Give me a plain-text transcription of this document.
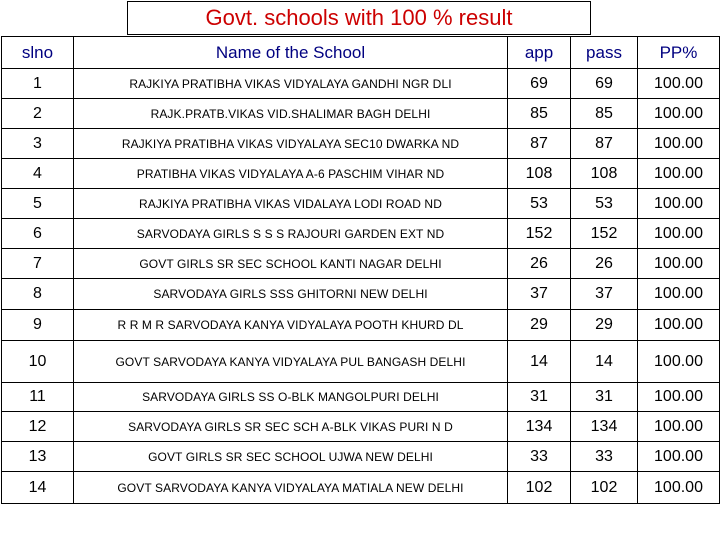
Govt. schools with 100 % result
slno	Name of the School	app	pass	PP%
1	RAJKIYA PRATIBHA VIKAS VIDYALAYA GANDHI NGR DLI	69	69	100.00
2	RAJK.PRATB.VIKAS VID.SHALIMAR BAGH DELHI	85	85	100.00
3	RAJKIYA PRATIBHA VIKAS VIDYALAYA SEC10 DWARKA ND	87	87	100.00
4	PRATIBHA VIKAS VIDYALAYA A-6 PASCHIM VIHAR ND	108	108	100.00
5	RAJKIYA PRATIBHA VIKAS VIDALAYA LODI ROAD ND	53	53	100.00
6	SARVODAYA GIRLS S S S RAJOURI GARDEN EXT ND	152	152	100.00
7	GOVT GIRLS SR SEC SCHOOL KANTI NAGAR DELHI	26	26	100.00
8	SARVODAYA GIRLS SSS GHITORNI NEW DELHI	37	37	100.00
9	R R M R SARVODAYA KANYA VIDYALAYA POOTH KHURD DL	29	29	100.00
10	GOVT SARVODAYA KANYA VIDYALAYA PUL BANGASH DELHI	14	14	100.00
11	SARVODAYA GIRLS SS O-BLK MANGOLPURI DELHI	31	31	100.00
12	SARVODAYA GIRLS SR SEC SCH A-BLK VIKAS PURI N D	134	134	100.00
13	GOVT GIRLS SR SEC SCHOOL UJWA NEW DELHI	33	33	100.00
14	GOVT SARVODAYA KANYA VIDYALAYA MATIALA NEW DELHI	102	102	100.00
